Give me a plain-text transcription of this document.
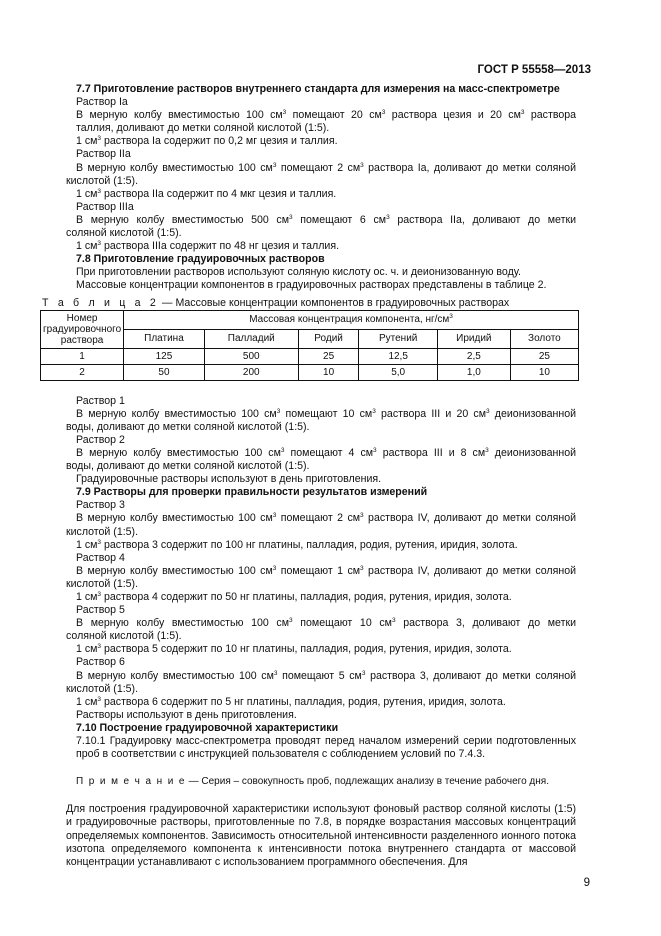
ГОСТ Р 55558—2013
7.7 Приготовление растворов внутреннего стандарта для измерения на масс-спектрометре
Раствор Ia
В мерную колбу вместимостью 100 $см^3$ помещают 20 $см^3$ раствора цезия и 20 $см^3$ раствора
таллия, доливают до метки соляной кислотой (1:5).
1 $см^3$ раствора Ia содержит по 0,2 мг цезия и таллия.
Раствор IIa
В мерную колбу вместимостью 100 $см^3$ помещают 2 $см^3$ раствора Ia, доливают до метки соляной
кислотой (1:5).
1 $см^3$ раствора IIa содержит по 4 мкг цезия и таллия.
Раствор IIIa
В мерную колбу вместимостью 500 $см^3$ помещают 6 $см^3$ раствора IIa, доливают до метки
соляной кислотой (1:5).
1 $см^3$ раствора IIIa содержит по 48 нг цезия и таллия.
7.8 Приготовление градуировочных растворов
При приготовлении растворов используют соляную кислоту ос. ч. и деионизованную воду.
Массовые концентрации компонентов в градуировочных растворах представлены в таблице 2.
Т а б л и ц а 2 — Массовые концентрации компонентов в градуировочных растворах
Номер градуировочного раствора	Массовая концентрация компонента, $нг/см^3$
	Платина	Палладий	Родий	Рутений	Иридий	Золото
1	125	500	25	12,5	2,5	25
2	50	200	10	5,0	1,0	10
Раствор 1
В мерную колбу вместимостью 100 $см^3$ помещают 10 $см^3$ раствора III и 20 $см^3$ деионизованной
воды, доливают до метки соляной кислотой (1:5).
Раствор 2
В мерную колбу вместимостью 100 $см^3$ помещают 4 $см^3$ раствора III и 8 $см^3$ деионизованной
воды, доливают до метки соляной кислотой (1:5).
Градуировочные растворы используют в день приготовления.
7.9 Растворы для проверки правильности результатов измерений
Раствор 3
В мерную колбу вместимостью 100 $см^3$ помещают 2 $см^3$ раствора IV, доливают до метки соляной
кислотой (1:5).
1 $см^3$ раствора 3 содержит по 100 нг платины, палладия, родия, рутения, иридия, золота.
Раствор 4
В мерную колбу вместимостью 100 $см^3$ помещают 1 $см^3$ раствора IV, доливают до метки соляной
кислотой (1:5).
1 $см^3$ раствора 4 содержит по 50 нг платины, палладия, родия, рутения, иридия, золота.
Раствор 5
В мерную колбу вместимостью 100 $см^3$ помещают 10 $см^3$ раствора 3, доливают до метки
соляной кислотой (1:5).
1 $см^3$ раствора 5 содержит по 10 нг платины, палладия, родия, рутения, иридия, золота.
Раствор 6
В мерную колбу вместимостью 100 $см^3$ помещают 5 $см^3$ раствора 3, доливают до метки соляной
кислотой (1:5).
1 $см^3$ раствора 6 содержит по 5 нг платины, палладия, родия, рутения, иридия, золота.
Растворы используют в день приготовления.
7.10 Построение градуировочной характеристики
7.10.1 Градуировку масс-спектрометра проводят перед началом измерений серии подготовленных проб в соответствии с инструкцией пользователя с соблюдением условий по 7.4.3.
П р и м е ч а н и е — Серия – совокупность проб, подлежащих анализу в течение рабочего дня.
Для построения градуировочной характеристики используют фоновый раствор соляной кислоты (1:5) и градуировочные растворы, приготовленные по 7.8, в порядке возрастания массовых концентраций определяемых компонентов. Зависимость относительной интенсивности разделенного ионного потока изотопа определяемого компонента к интенсивности потока внутреннего стандарта от массовой концентрации устанавливают с использованием программного обеспечения. Для
9
